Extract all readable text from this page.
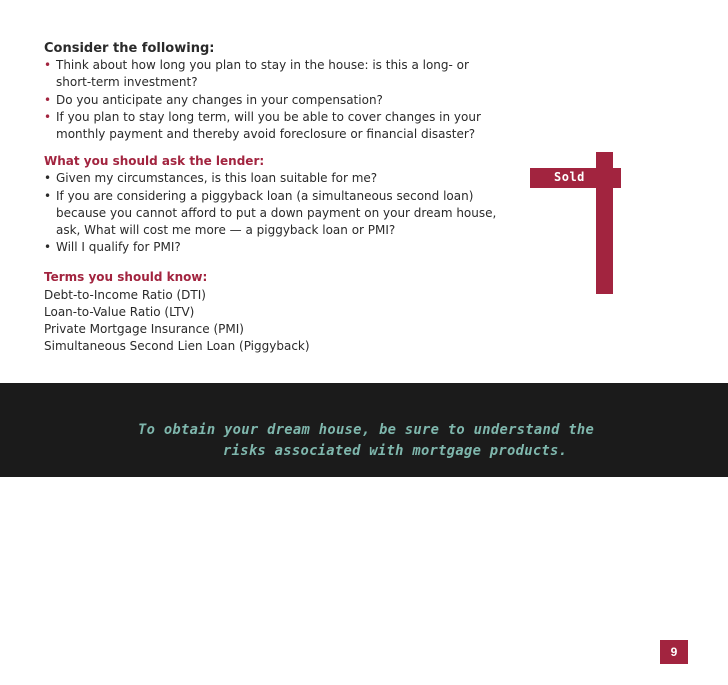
Consider the following:
• Think about how long you plan to stay in the house: is this a long- or
short-term investment?
• Do you anticipate any changes in your compensation?
• If you plan to stay long term, will you be able to cover changes in your
monthly payment and thereby avoid foreclosure or financial disaster?
What you should ask the lender:
• Given my circumstances, is this loan suitable for me?
• If you are considering a piggyback loan (a simultaneous second loan)
because you cannot afford to put a down payment on your dream house,
ask, What will cost me more — a piggyback loan or PMI?
• Will I qualify for PMI?
Terms you should know:
Debt-to-Income Ratio (DTI)
Loan-to-Value Ratio (LTV)
Private Mortgage Insurance (PMI)
Simultaneous Second Lien Loan (Piggyback)
Sold
To obtain your dream house, be sure to understand the
risks associated with mortgage products.
9
